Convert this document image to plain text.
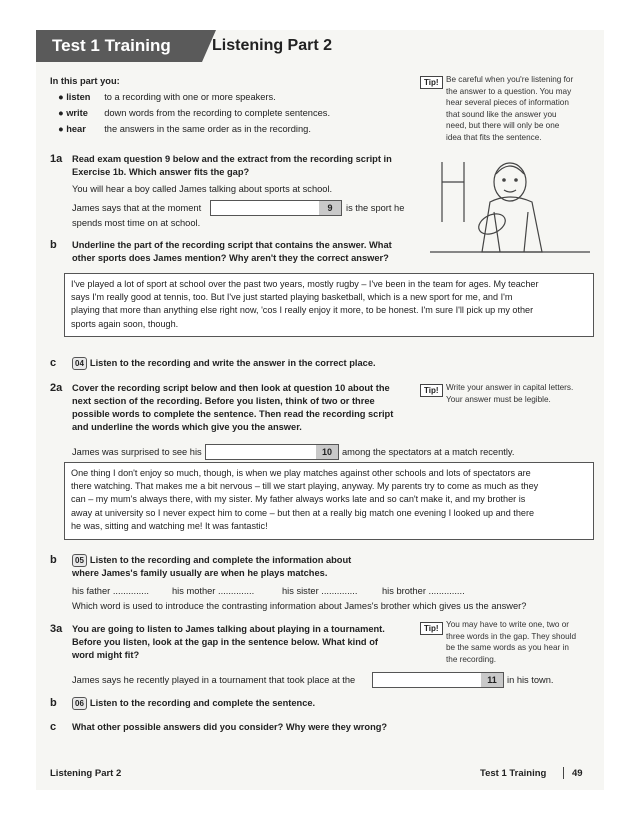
Test 1 Training	Listening Part 2
In this part you:
● listen to a recording with one or more speakers.
● write down words from the recording to complete sentences.
● hear the answers in the same order as in the recording.
Tip! Be careful when you're listening for
the answer to a question. You may
hear several pieces of information
that sound like the answer you
need, but there will only be one
idea that fits the sentence.
1a Read exam question 9 below and the extract from the recording script in
Exercise 1b. Which answer fits the gap?
You will hear a boy called James talking about sports at school.
James says that at the moment	9	is the sport he
spends most time on at school.
b Underline the part of the recording script that contains the answer. What
other sports does James mention? Why aren't they the correct answer?
I've played a lot of sport at school over the past two years, mostly rugby – I've been in the team for ages. My teacher
says I'm really good at tennis, too. But I've just started playing basketball, which is a new sport for me, and I'm
playing that more than anything else right now, 'cos I really enjoy it more, to be honest. I'm sure I'll pick up my other
sports again soon, though.
c	04 Listen to the recording and write the answer in the correct place.
2a Cover the recording script below and then look at question 10 about the
next section of the recording. Before you listen, think of two or three
possible words to complete the sentence. Then read the recording script
and underline the words which give you the answer.
Tip! Write your answer in capital letters.
Your answer must be legible.
James was surprised to see his	10	among the spectators at a match recently.
One thing I don't enjoy so much, though, is when we play matches against other schools and lots of spectators are
there watching. That makes me a bit nervous – till we start playing, anyway. My parents try to come as much as they
can – my mum's always there, with my sister. My father always works late and so can't make it, and my brother is
away at university so I never expect him to come – but then at a really big match one evening I looked up and there
he was, sitting and watching me! It was fantastic!
b	05 Listen to the recording and complete the information about
where James's family usually are when he plays matches.
his father .............. his mother ..............	his sister ..............	his brother ..............
Which word is used to introduce the contrasting information about James's brother which gives us the answer?
3a You are going to listen to James talking about playing in a tournament.
Before you listen, look at the gap in the sentence below. What kind of
word might fit?
Tip! You may have to write one, two or
three words in the gap. They should
be the same words as you hear in
the recording.
James says he recently played in a tournament that took place at the	11	in his town.
b	06 Listen to the recording and complete the sentence.
c What other possible answers did you consider? Why were they wrong?
Listening Part 2	Test 1 Training	49
